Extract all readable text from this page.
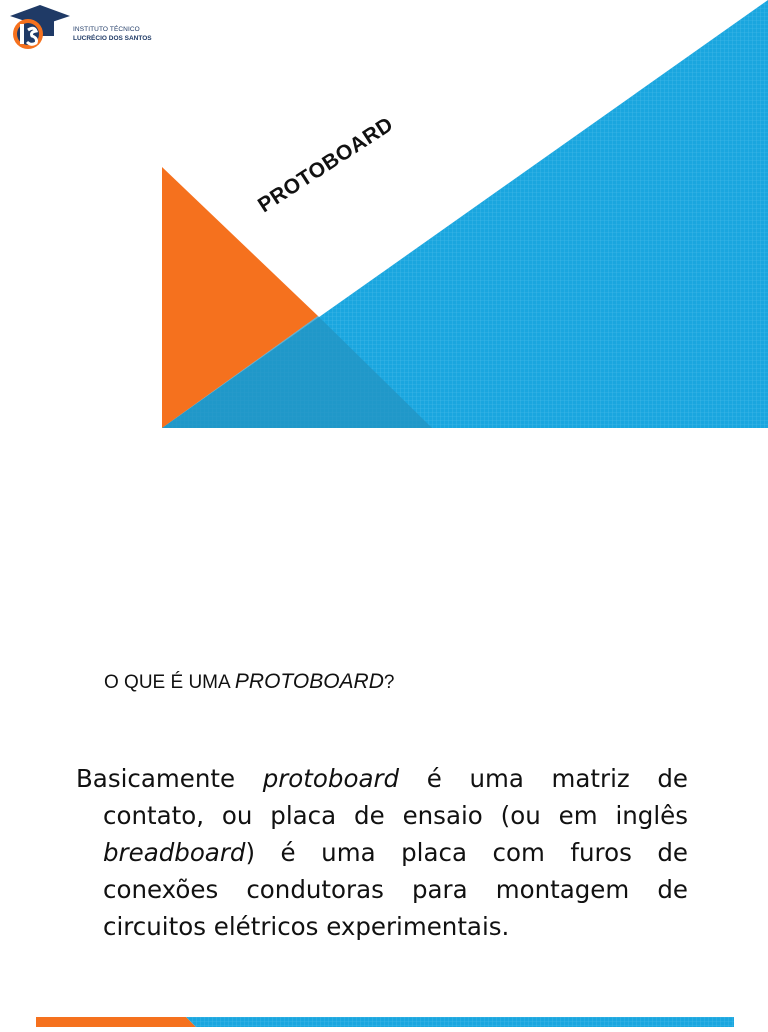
INSTITUTO TÉCNICO
LUCRÉCIO DOS SANTOS
PROTOBOARD
O QUE É UMA PROTOBOARD?
Basicamente protoboard é uma matriz de contato, ou placa de ensaio (ou em inglês breadboard) é uma placa com furos de conexões condutoras para montagem de circuitos elétricos experimentais.
